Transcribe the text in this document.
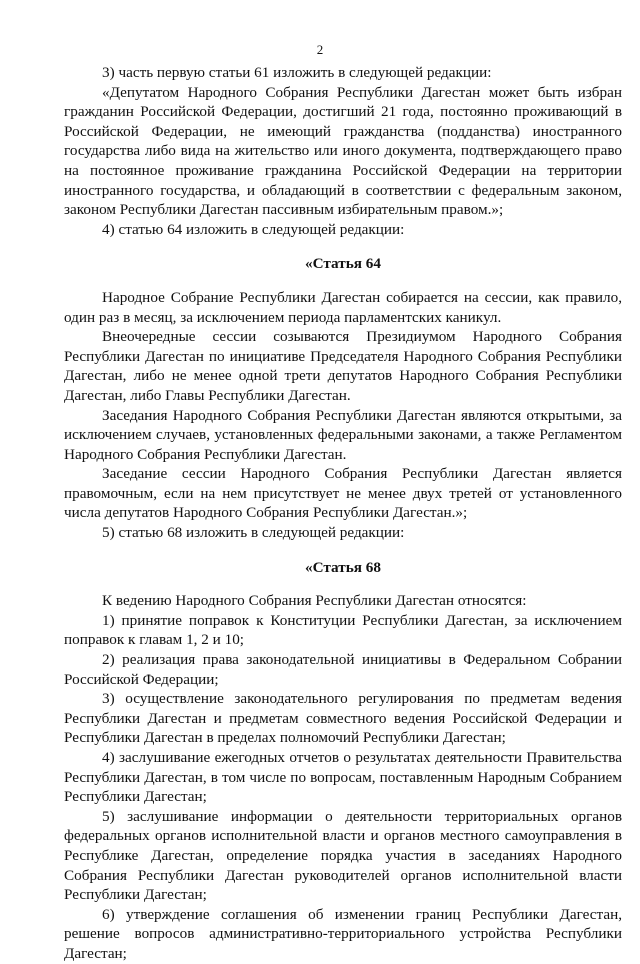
2

3) часть первую статьи 61 изложить в следующей редакции:

«Депутатом Народного Собрания Республики Дагестан может быть избран гражданин Российской Федерации, достигший 21 года, постоянно проживающий в Российской Федерации, не имеющий гражданства (подданства) иностранного государства либо вида на жительство или иного документа, подтверждающего право на постоянное проживание гражданина Российской Федерации на территории иностранного государства, и обладающий в соответствии с федеральным законом, законом Республики Дагестан пассивным избирательным правом.»;

4) статью 64 изложить в следующей редакции:

«Статья 64

Народное Собрание Республики Дагестан собирается на сессии, как правило, один раз в месяц, за исключением периода парламентских каникул.

Внеочередные сессии созываются Президиумом Народного Собрания Республики Дагестан по инициативе Председателя Народного Собрания Республики Дагестан, либо не менее одной трети депутатов Народного Собрания Республики Дагестан, либо Главы Республики Дагестан.

Заседания Народного Собрания Республики Дагестан являются открытыми, за исключением случаев, установленных федеральными законами, а также Регламентом Народного Собрания Республики Дагестан.

Заседание сессии Народного Собрания Республики Дагестан является правомочным, если на нем присутствует не менее двух третей от установленного числа депутатов Народного Собрания Республики Дагестан.»;

5) статью 68 изложить в следующей редакции:

«Статья 68

К ведению Народного Собрания Республики Дагестан относятся:

1) принятие поправок к Конституции Республики Дагестан, за исключением поправок к главам 1, 2 и 10;

2) реализация права законодательной инициативы в Федеральном Собрании Российской Федерации;

3) осуществление законодательного регулирования по предметам ведения Республики Дагестан и предметам совместного ведения Российской Федерации и Республики Дагестан в пределах полномочий Республики Дагестан;

4) заслушивание ежегодных отчетов о результатах деятельности Правительства Республики Дагестан, в том числе по вопросам, поставленным Народным Собранием Республики Дагестан;

5) заслушивание информации о деятельности территориальных органов федеральных органов исполнительной власти и органов местного самоуправления в Республике Дагестан, определение порядка участия в заседаниях Народного Собрания Республики Дагестан руководителей органов исполнительной власти Республики Дагестан;

6) утверждение соглашения об изменении границ Республики Дагестан, решение вопросов административно-территориального устройства Республики Дагестан;
